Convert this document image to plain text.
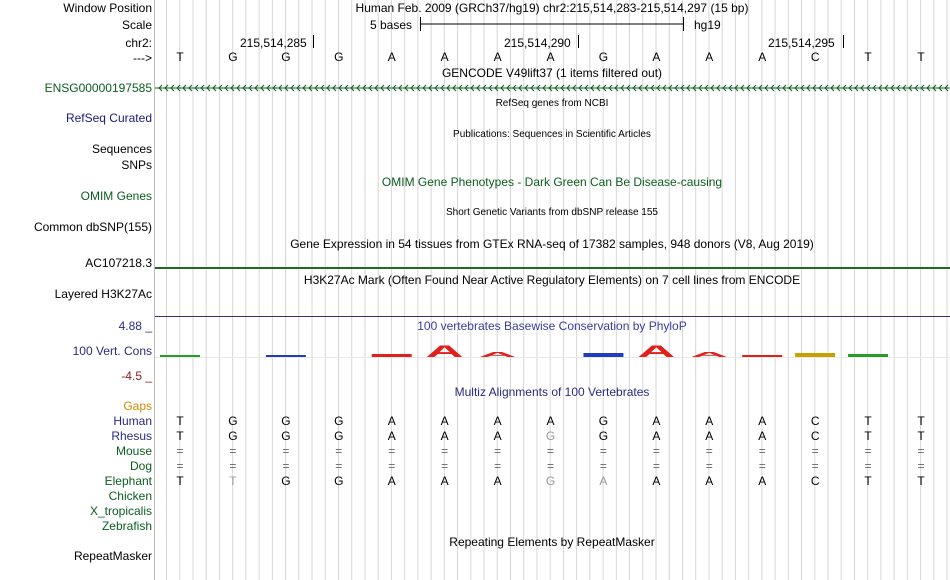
Window Position	Human Feb. 2009 (GRCh37/hg19) chr2:215,514,283-215,514,297 (15 bp)
Scale	5 bases	hg19
chr2:	215,514,285	215,514,290	215,514,295
---> T	G	G	G	A	A	A	A	G	A	A	A	C	T	T
GENCODE V49lift37 (1 items filtered out)
ENSG00000197585
RefSeq genes from NCBI
RefSeq Curated
Publications: Sequences in Scientific Articles
Sequences
SNPs
OMIM Gene Phenotypes - Dark Green Can Be Disease-causing
OMIM Genes
Short Genetic Variants from dbSNP release 155
Common dbSNP(155)
Gene Expression in 54 tissues from GTEx RNA-seq of 17382 samples, 948 donors (V8, Aug 2019)
AC107218.3
H3K27Ac Mark (Often Found Near Active Regulatory Elements) on 7 cell lines from ENCODE
Layered H3K27Ac
4.88 _	100 vertebrates Basewise Conservation by PhyloP
100 Vert. Cons	A A	A A
-4.5 _
Multiz Alignments of 100 Vertebrates
Gaps
Human T	G	G	G	A	A	A	A	G	A	A	A	C	T	T
Rhesus T	G	G	G	A	A	A	G	G	A	A	A	C	T	T
Mouse =	=	=	=	=	=	=	=	=	=	=	=	=	=	=
Dog =	=	=	=	=	=	=	=	=	=	=	=	=	=	=
Elephant T	T	G	G	A	A	A	G	A	A	A	A	C	T	T
Chicken
X_tropicalis
Zebrafish
Repeating Elements by RepeatMasker
RepeatMasker
